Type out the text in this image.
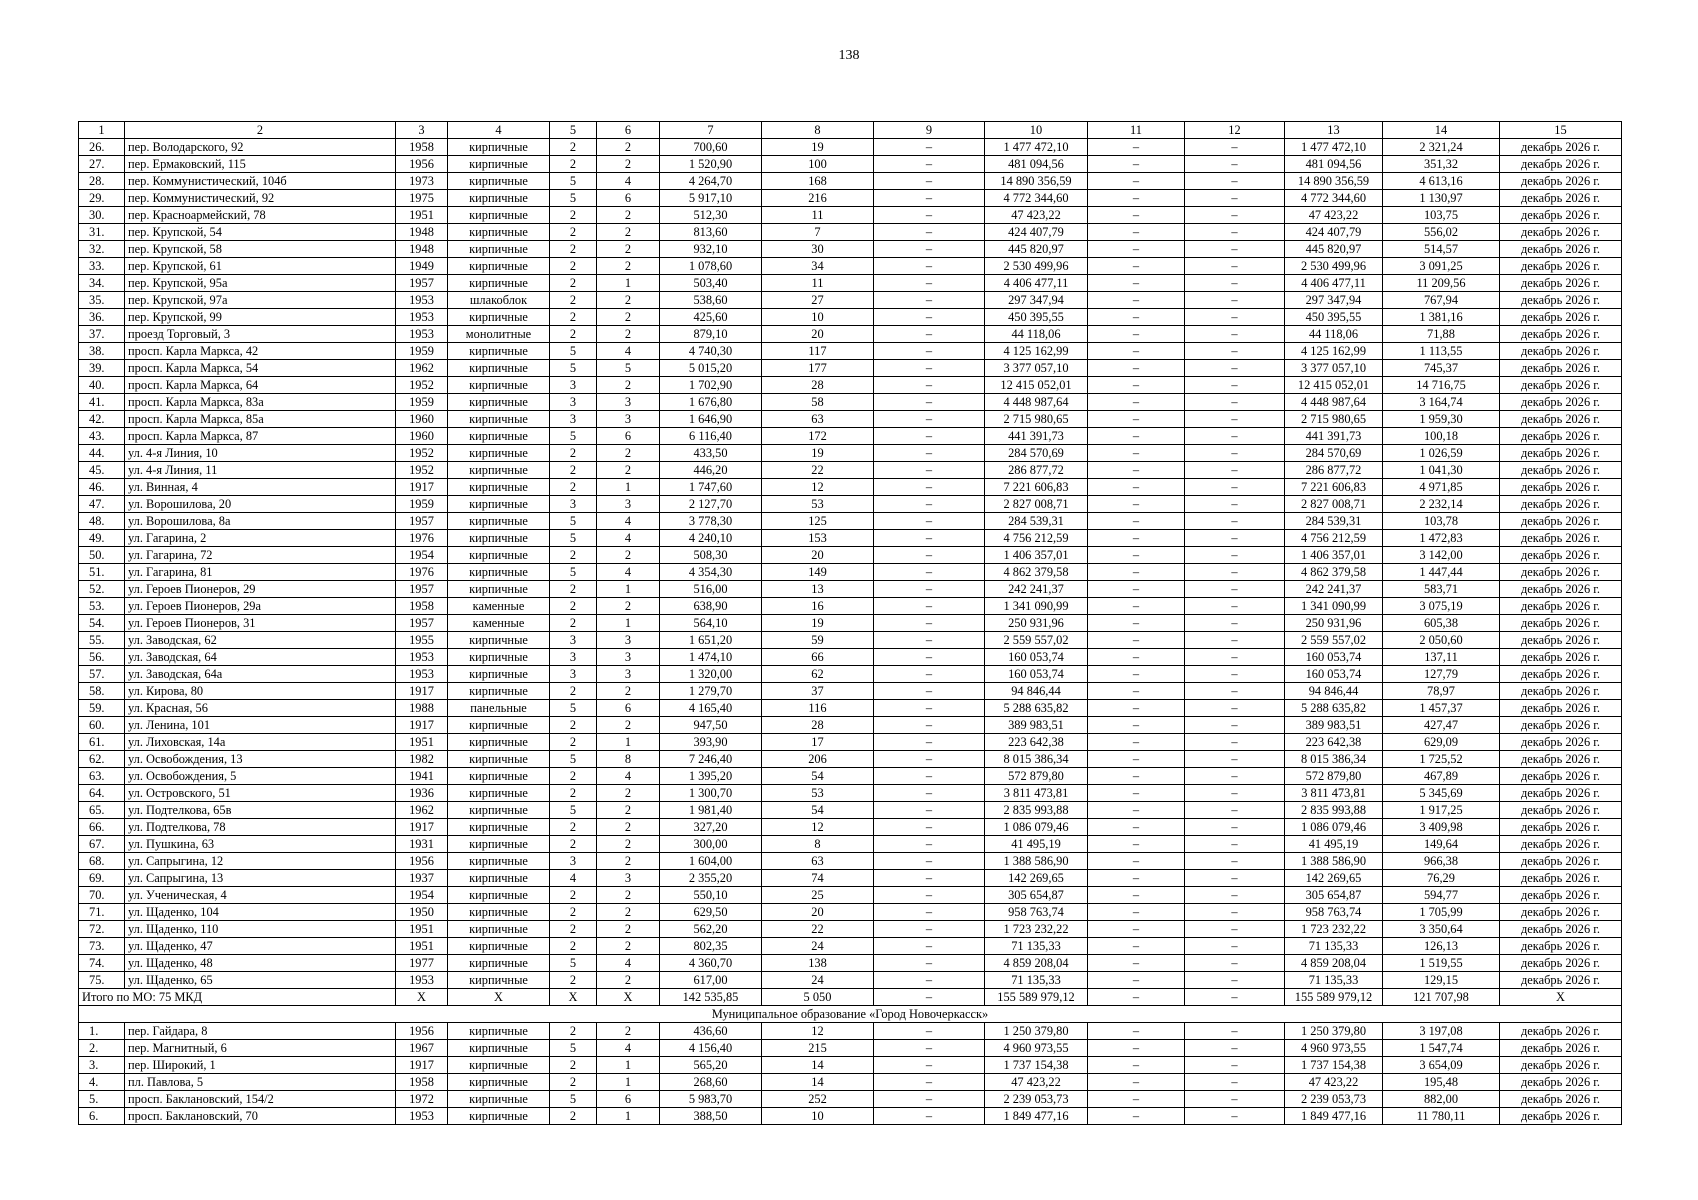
138
1	2	3	4	5	6	7	8	9	10	11	12	13	14	15
26.	пер. Володарского, 92	1958	кирпичные	2	2	700,60	19	–	1 477 472,10	–	–	1 477 472,10	2 321,24	декабрь 2026 г.
27.	пер. Ермаковский, 115	1956	кирпичные	2	2	1 520,90	100	–	481 094,56	–	–	481 094,56	351,32	декабрь 2026 г.
28.	пер. Коммунистический, 104б	1973	кирпичные	5	4	4 264,70	168	–	14 890 356,59	–	–	14 890 356,59	4 613,16	декабрь 2026 г.
29.	пер. Коммунистический, 92	1975	кирпичные	5	6	5 917,10	216	–	4 772 344,60	–	–	4 772 344,60	1 130,97	декабрь 2026 г.
30.	пер. Красноармейский, 78	1951	кирпичные	2	2	512,30	11	–	47 423,22	–	–	47 423,22	103,75	декабрь 2026 г.
31.	пер. Крупской, 54	1948	кирпичные	2	2	813,60	7	–	424 407,79	–	–	424 407,79	556,02	декабрь 2026 г.
32.	пер. Крупской, 58	1948	кирпичные	2	2	932,10	30	–	445 820,97	–	–	445 820,97	514,57	декабрь 2026 г.
33.	пер. Крупской, 61	1949	кирпичные	2	2	1 078,60	34	–	2 530 499,96	–	–	2 530 499,96	3 091,25	декабрь 2026 г.
34.	пер. Крупской, 95а	1957	кирпичные	2	1	503,40	11	–	4 406 477,11	–	–	4 406 477,11	11 209,56	декабрь 2026 г.
35.	пер. Крупской, 97а	1953	шлакоблок	2	2	538,60	27	–	297 347,94	–	–	297 347,94	767,94	декабрь 2026 г.
36.	пер. Крупской, 99	1953	кирпичные	2	2	425,60	10	–	450 395,55	–	–	450 395,55	1 381,16	декабрь 2026 г.
37.	проезд Торговый, 3	1953	монолитные	2	2	879,10	20	–	44 118,06	–	–	44 118,06	71,88	декабрь 2026 г.
38.	просп. Карла Маркса, 42	1959	кирпичные	5	4	4 740,30	117	–	4 125 162,99	–	–	4 125 162,99	1 113,55	декабрь 2026 г.
39.	просп. Карла Маркса, 54	1962	кирпичные	5	5	5 015,20	177	–	3 377 057,10	–	–	3 377 057,10	745,37	декабрь 2026 г.
40.	просп. Карла Маркса, 64	1952	кирпичные	3	2	1 702,90	28	–	12 415 052,01	–	–	12 415 052,01	14 716,75	декабрь 2026 г.
41.	просп. Карла Маркса, 83а	1959	кирпичные	3	3	1 676,80	58	–	4 448 987,64	–	–	4 448 987,64	3 164,74	декабрь 2026 г.
42.	просп. Карла Маркса, 85а	1960	кирпичные	3	3	1 646,90	63	–	2 715 980,65	–	–	2 715 980,65	1 959,30	декабрь 2026 г.
43.	просп. Карла Маркса, 87	1960	кирпичные	5	6	6 116,40	172	–	441 391,73	–	–	441 391,73	100,18	декабрь 2026 г.
44.	ул. 4-я Линия, 10	1952	кирпичные	2	2	433,50	19	–	284 570,69	–	–	284 570,69	1 026,59	декабрь 2026 г.
45.	ул. 4-я Линия, 11	1952	кирпичные	2	2	446,20	22	–	286 877,72	–	–	286 877,72	1 041,30	декабрь 2026 г.
46.	ул. Винная, 4	1917	кирпичные	2	1	1 747,60	12	–	7 221 606,83	–	–	7 221 606,83	4 971,85	декабрь 2026 г.
47.	ул. Ворошилова, 20	1959	кирпичные	3	3	2 127,70	53	–	2 827 008,71	–	–	2 827 008,71	2 232,14	декабрь 2026 г.
48.	ул. Ворошилова, 8а	1957	кирпичные	5	4	3 778,30	125	–	284 539,31	–	–	284 539,31	103,78	декабрь 2026 г.
49.	ул. Гагарина, 2	1976	кирпичные	5	4	4 240,10	153	–	4 756 212,59	–	–	4 756 212,59	1 472,83	декабрь 2026 г.
50.	ул. Гагарина, 72	1954	кирпичные	2	2	508,30	20	–	1 406 357,01	–	–	1 406 357,01	3 142,00	декабрь 2026 г.
51.	ул. Гагарина, 81	1976	кирпичные	5	4	4 354,30	149	–	4 862 379,58	–	–	4 862 379,58	1 447,44	декабрь 2026 г.
52.	ул. Героев Пионеров, 29	1957	кирпичные	2	1	516,00	13	–	242 241,37	–	–	242 241,37	583,71	декабрь 2026 г.
53.	ул. Героев Пионеров, 29а	1958	каменные	2	2	638,90	16	–	1 341 090,99	–	–	1 341 090,99	3 075,19	декабрь 2026 г.
54.	ул. Героев Пионеров, 31	1957	каменные	2	1	564,10	19	–	250 931,96	–	–	250 931,96	605,38	декабрь 2026 г.
55.	ул. Заводская, 62	1955	кирпичные	3	3	1 651,20	59	–	2 559 557,02	–	–	2 559 557,02	2 050,60	декабрь 2026 г.
56.	ул. Заводская, 64	1953	кирпичные	3	3	1 474,10	66	–	160 053,74	–	–	160 053,74	137,11	декабрь 2026 г.
57.	ул. Заводская, 64а	1953	кирпичные	3	3	1 320,00	62	–	160 053,74	–	–	160 053,74	127,79	декабрь 2026 г.
58.	ул. Кирова, 80	1917	кирпичные	2	2	1 279,70	37	–	94 846,44	–	–	94 846,44	78,97	декабрь 2026 г.
59.	ул. Красная, 56	1988	панельные	5	6	4 165,40	116	–	5 288 635,82	–	–	5 288 635,82	1 457,37	декабрь 2026 г.
60.	ул. Ленина, 101	1917	кирпичные	2	2	947,50	28	–	389 983,51	–	–	389 983,51	427,47	декабрь 2026 г.
61.	ул. Лиховская, 14а	1951	кирпичные	2	1	393,90	17	–	223 642,38	–	–	223 642,38	629,09	декабрь 2026 г.
62.	ул. Освобождения, 13	1982	кирпичные	5	8	7 246,40	206	–	8 015 386,34	–	–	8 015 386,34	1 725,52	декабрь 2026 г.
63.	ул. Освобождения, 5	1941	кирпичные	2	4	1 395,20	54	–	572 879,80	–	–	572 879,80	467,89	декабрь 2026 г.
64.	ул. Островского, 51	1936	кирпичные	2	2	1 300,70	53	–	3 811 473,81	–	–	3 811 473,81	5 345,69	декабрь 2026 г.
65.	ул. Подтелкова, 65в	1962	кирпичные	5	2	1 981,40	54	–	2 835 993,88	–	–	2 835 993,88	1 917,25	декабрь 2026 г.
66.	ул. Подтелкова, 78	1917	кирпичные	2	2	327,20	12	–	1 086 079,46	–	–	1 086 079,46	3 409,98	декабрь 2026 г.
67.	ул. Пушкина, 63	1931	кирпичные	2	2	300,00	8	–	41 495,19	–	–	41 495,19	149,64	декабрь 2026 г.
68.	ул. Сапрыгина, 12	1956	кирпичные	3	2	1 604,00	63	–	1 388 586,90	–	–	1 388 586,90	966,38	декабрь 2026 г.
69.	ул. Сапрыгина, 13	1937	кирпичные	4	3	2 355,20	74	–	142 269,65	–	–	142 269,65	76,29	декабрь 2026 г.
70.	ул. Ученическая, 4	1954	кирпичные	2	2	550,10	25	–	305 654,87	–	–	305 654,87	594,77	декабрь 2026 г.
71.	ул. Щаденко, 104	1950	кирпичные	2	2	629,50	20	–	958 763,74	–	–	958 763,74	1 705,99	декабрь 2026 г.
72.	ул. Щаденко, 110	1951	кирпичные	2	2	562,20	22	–	1 723 232,22	–	–	1 723 232,22	3 350,64	декабрь 2026 г.
73.	ул. Щаденко, 47	1951	кирпичные	2	2	802,35	24	–	71 135,33	–	–	71 135,33	126,13	декабрь 2026 г.
74.	ул. Щаденко, 48	1977	кирпичные	5	4	4 360,70	138	–	4 859 208,04	–	–	4 859 208,04	1 519,55	декабрь 2026 г.
75.	ул. Щаденко, 65	1953	кирпичные	2	2	617,00	24	–	71 135,33	–	–	71 135,33	129,15	декабрь 2026 г.
Итого по МО: 75 МКД		Х	Х	Х	Х	142 535,85	5 050	–	155 589 979,12	–	–	155 589 979,12	121 707,98	Х
Муниципальное образование «Город Новочеркасск»														
1.	пер. Гайдара, 8	1956	кирпичные	2	2	436,60	12	–	1 250 379,80	–	–	1 250 379,80	3 197,08	декабрь 2026 г.
2.	пер. Магнитный, 6	1967	кирпичные	5	4	4 156,40	215	–	4 960 973,55	–	–	4 960 973,55	1 547,74	декабрь 2026 г.
3.	пер. Широкий, 1	1917	кирпичные	2	1	565,20	14	–	1 737 154,38	–	–	1 737 154,38	3 654,09	декабрь 2026 г.
4.	пл. Павлова, 5	1958	кирпичные	2	1	268,60	14	–	47 423,22	–	–	47 423,22	195,48	декабрь 2026 г.
5.	просп. Баклановский, 154/2	1972	кирпичные	5	6	5 983,70	252	–	2 239 053,73	–	–	2 239 053,73	882,00	декабрь 2026 г.
6.	просп. Баклановский, 70	1953	кирпичные	2	1	388,50	10	–	1 849 477,16	–	–	1 849 477,16	11 780,11	декабрь 2026 г.
